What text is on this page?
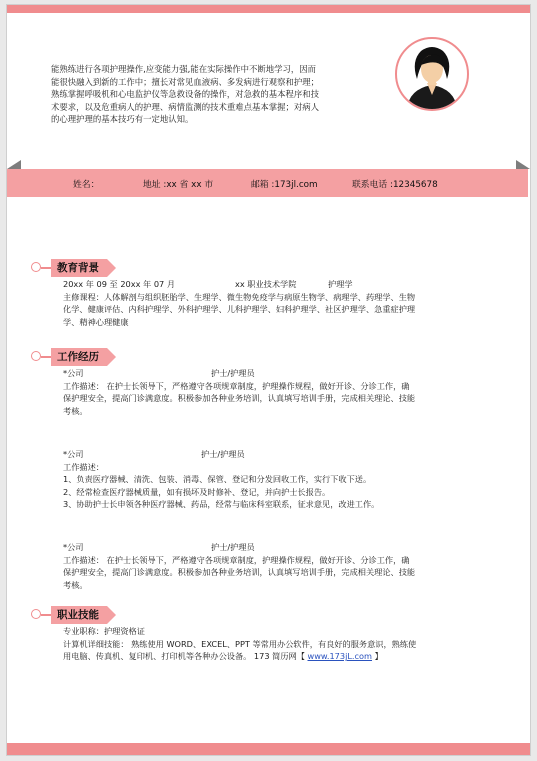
能熟练进行各项护理操作,应变能力强,能在实际操作中不断地学习，因而

能很快融入到新的工作中；擅长对常见血液病、多发病进行观察和护理；

熟练掌握呼吸机和心电监护仪等急救设备的操作，对急救的基本程序和技

术要求，以及危重病人的护理、病情监测的技术重难点基本掌握；对病人

的心理护理的基本技巧有一定地认知。

姓名：	地址 :xx 省 xx 市	邮箱 :173jl.com	联系电话 :12345678
教育背景
20xx 年 09 至 20xx 年 07 月	xx 职业技术学院	护理学

主修课程：人体解剖与组织胚胎学、生理学、微生物免疫学与病原生物学、病理学、药理学、生物

化学、健康评估、内科护理学、外科护理学、儿科护理学、妇科护理学、社区护理学、急重症护理

学、精神心理健康

工作经历
*公司	护士/护理员

工作描述： 在护士长领导下，严格遵守各项规章制度，护理操作规程，做好开诊、分诊工作，确

保护理安全，提高门诊满意度。积极参加各种业务培训，认真填写培训手册，完成相关理论、技能

考核。

*公司	护士/护理员

工作描述：

1、负责医疗器械、清洗、包装、消毒、保管、登记和分发回收工作，实行下收下送。

2、经常检查医疗器械质量，如有损坏及时修补、登记，并向护士长报告。

3、协助护士长申领各种医疗器械、药品，经常与临床科室联系，征求意见，改进工作。

*公司	护士/护理员

工作描述： 在护士长领导下，严格遵守各项规章制度，护理操作规程，做好开诊、分诊工作，确

保护理安全，提高门诊满意度。积极参加各种业务培训，认真填写培训手册，完成相关理论、技能

考核。

职业技能

专业职称：护理资格证

计算机详细技能： 熟练使用 WORD、EXCEL、PPT 等常用办公软件，有良好的服务意识，熟练使

用电脑、传真机、复印机、打印机等各种办公设备。 173 简历网【 www.173jL.com 】
